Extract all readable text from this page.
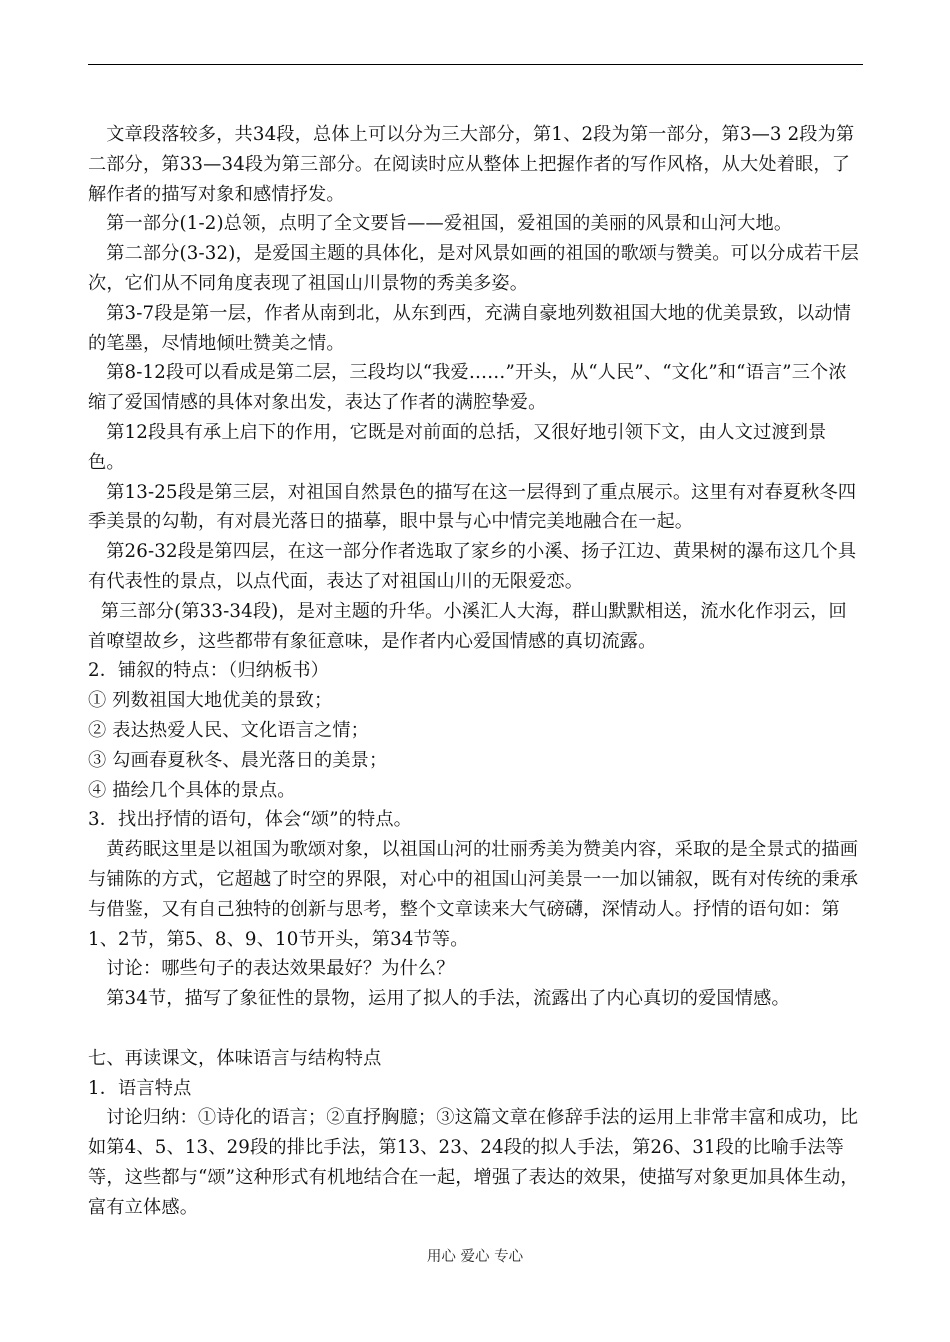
文章段落较多，共34段，总体上可以分为三大部分，第1、2段为第一部分，第3—3 2段为第二部分，第33—34段为第三部分。在阅读时应从整体上把握作者的写作风格，从大处着眼，了解作者的描写对象和感情抒发。

第一部分(1-2)总领，点明了全文要旨——爱祖国，爱祖国的美丽的风景和山河大地。

第二部分(3-32)，是爱国主题的具体化，是对风景如画的祖国的歌颂与赞美。可以分成若干层次，它们从不同角度表现了祖国山川景物的秀美多姿。

第3-7段是第一层，作者从南到北，从东到西，充满自豪地列数祖国大地的优美景致，以动情的笔墨，尽情地倾吐赞美之情。

第8-12段可以看成是第二层，三段均以“我爱……”开头，从“人民”、“文化”和“语言”三个浓缩了爱国情感的具体对象出发，表达了作者的满腔挚爱。

第12段具有承上启下的作用，它既是对前面的总括，又很好地引领下文，由人文过渡到景色。

第13-25段是第三层，对祖国自然景色的描写在这一层得到了重点展示。这里有对春夏秋冬四季美景的勾勒，有对晨光落日的描摹，眼中景与心中情完美地融合在一起。

第26-32段是第四层，在这一部分作者选取了家乡的小溪、扬子江边、黄果树的瀑布这几个具有代表性的景点，以点代面，表达了对祖国山川的无限爱恋。

第三部分(第33-34段)，是对主题的升华。小溪汇人大海，群山默默相送，流水化作羽云，回首嘹望故乡，这些都带有象征意味，是作者内心爱国情感的真切流露。

2．铺叙的特点：（归纳板书）

① 列数祖国大地优美的景致；

② 表达热爱人民、文化语言之情；

③ 勾画春夏秋冬、晨光落日的美景；

④ 描绘几个具体的景点。

3．找出抒情的语句，体会“颂”的特点。

黄药眠这里是以祖国为歌颂对象，以祖国山河的壮丽秀美为赞美内容，采取的是全景式的描画与铺陈的方式，它超越了时空的界限，对心中的祖国山河美景一一加以铺叙，既有对传统的秉承与借鉴，又有自己独特的创新与思考，整个文章读来大气磅礴，深情动人。抒情的语句如：第1、2节，第5、8、9、10节开头，第34节等。

讨论：哪些句子的表达效果最好？为什么？

第34节，描写了象征性的景物，运用了拟人的手法，流露出了内心真切的爱国情感。

七、再读课文，体味语言与结构特点

1．语言特点

讨论归纳：①诗化的语言；②直抒胸臆；③这篇文章在修辞手法的运用上非常丰富和成功，比如第4、5、13、29段的排比手法，第13、23、24段的拟人手法，第26、31段的比喻手法等等，这些都与“颂”这种形式有机地结合在一起，增强了表达的效果，使描写对象更加具体生动，富有立体感。

用心 爱心 专心
